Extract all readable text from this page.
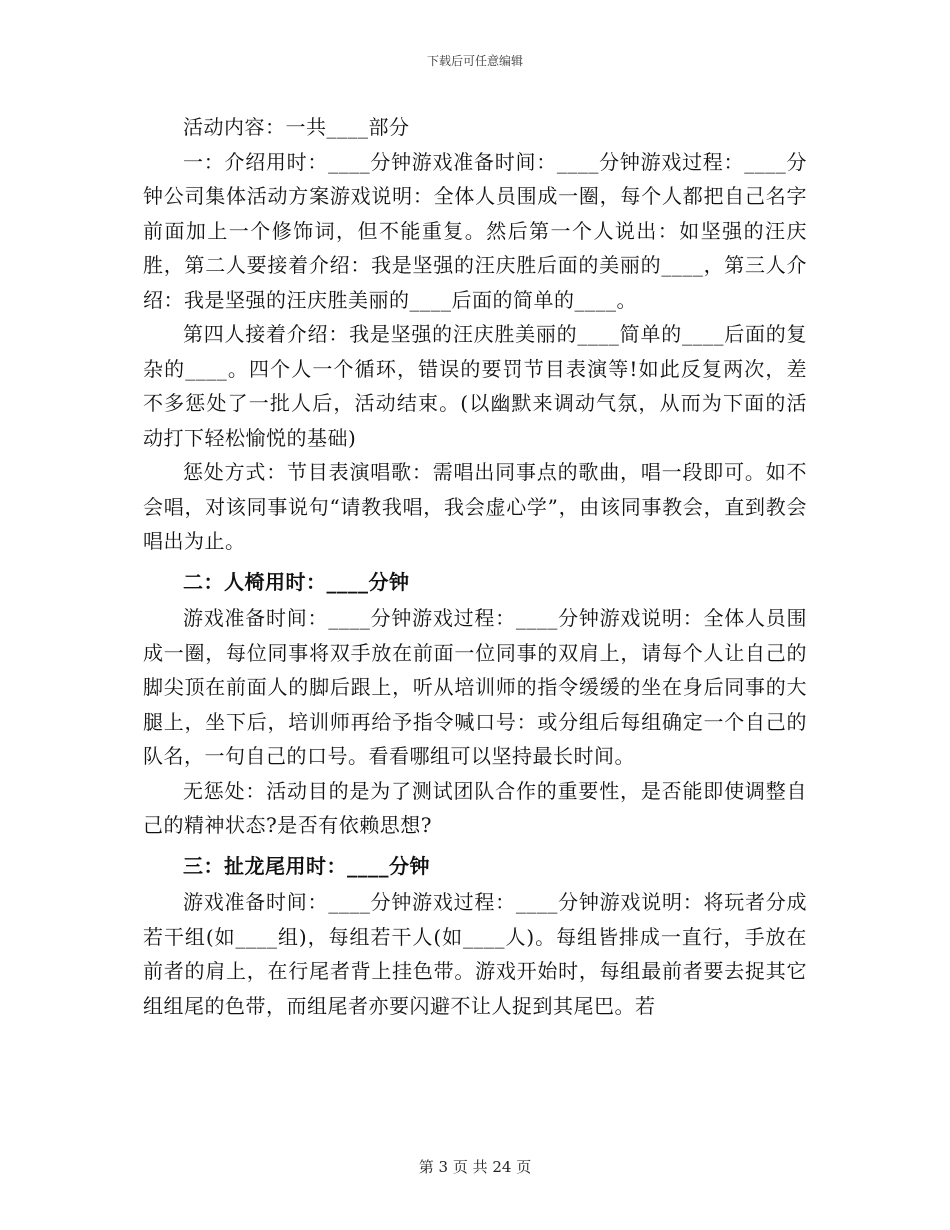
下载后可任意编辑

活动内容：一共____部分

一：介绍用时：____分钟游戏准备时间：____分钟游戏过程：____分钟公司集体活动方案游戏说明：全体人员围成一圈，每个人都把自己名字前面加上一个修饰词，但不能重复。然后第一个人说出：如坚强的汪庆胜，第二人要接着介绍：我是坚强的汪庆胜后面的美丽的____，第三人介绍：我是坚强的汪庆胜美丽的____后面的简单的____。

第四人接着介绍：我是坚强的汪庆胜美丽的____简单的____后面的复杂的____。四个人一个循环，错误的要罚节目表演等!如此反复两次，差不多惩处了一批人后，活动结束。(以幽默来调动气氛，从而为下面的活动打下轻松愉悦的基础)

惩处方式：节目表演唱歌：需唱出同事点的歌曲，唱一段即可。如不会唱，对该同事说句“请教我唱，我会虚心学”，由该同事教会，直到教会唱出为止。

二：人椅用时：____分钟

游戏准备时间：____分钟游戏过程：____分钟游戏说明：全体人员围成一圈，每位同事将双手放在前面一位同事的双肩上，请每个人让自己的脚尖顶在前面人的脚后跟上，听从培训师的指令缓缓的坐在身后同事的大腿上，坐下后，培训师再给予指令喊口号：或分组后每组确定一个自己的队名，一句自己的口号。看看哪组可以坚持最长时间。

无惩处：活动目的是为了测试团队合作的重要性，是否能即使调整自己的精神状态?是否有依赖思想?

三：扯龙尾用时：____分钟

游戏准备时间：____分钟游戏过程：____分钟游戏说明：将玩者分成若干组(如____组)，每组若干人(如____人)。每组皆排成一直行，手放在前者的肩上，在行尾者背上挂色带。游戏开始时，每组最前者要去捉其它组组尾的色带，而组尾者亦要闪避不让人捉到其尾巴。若

第 3 页 共 24 页
